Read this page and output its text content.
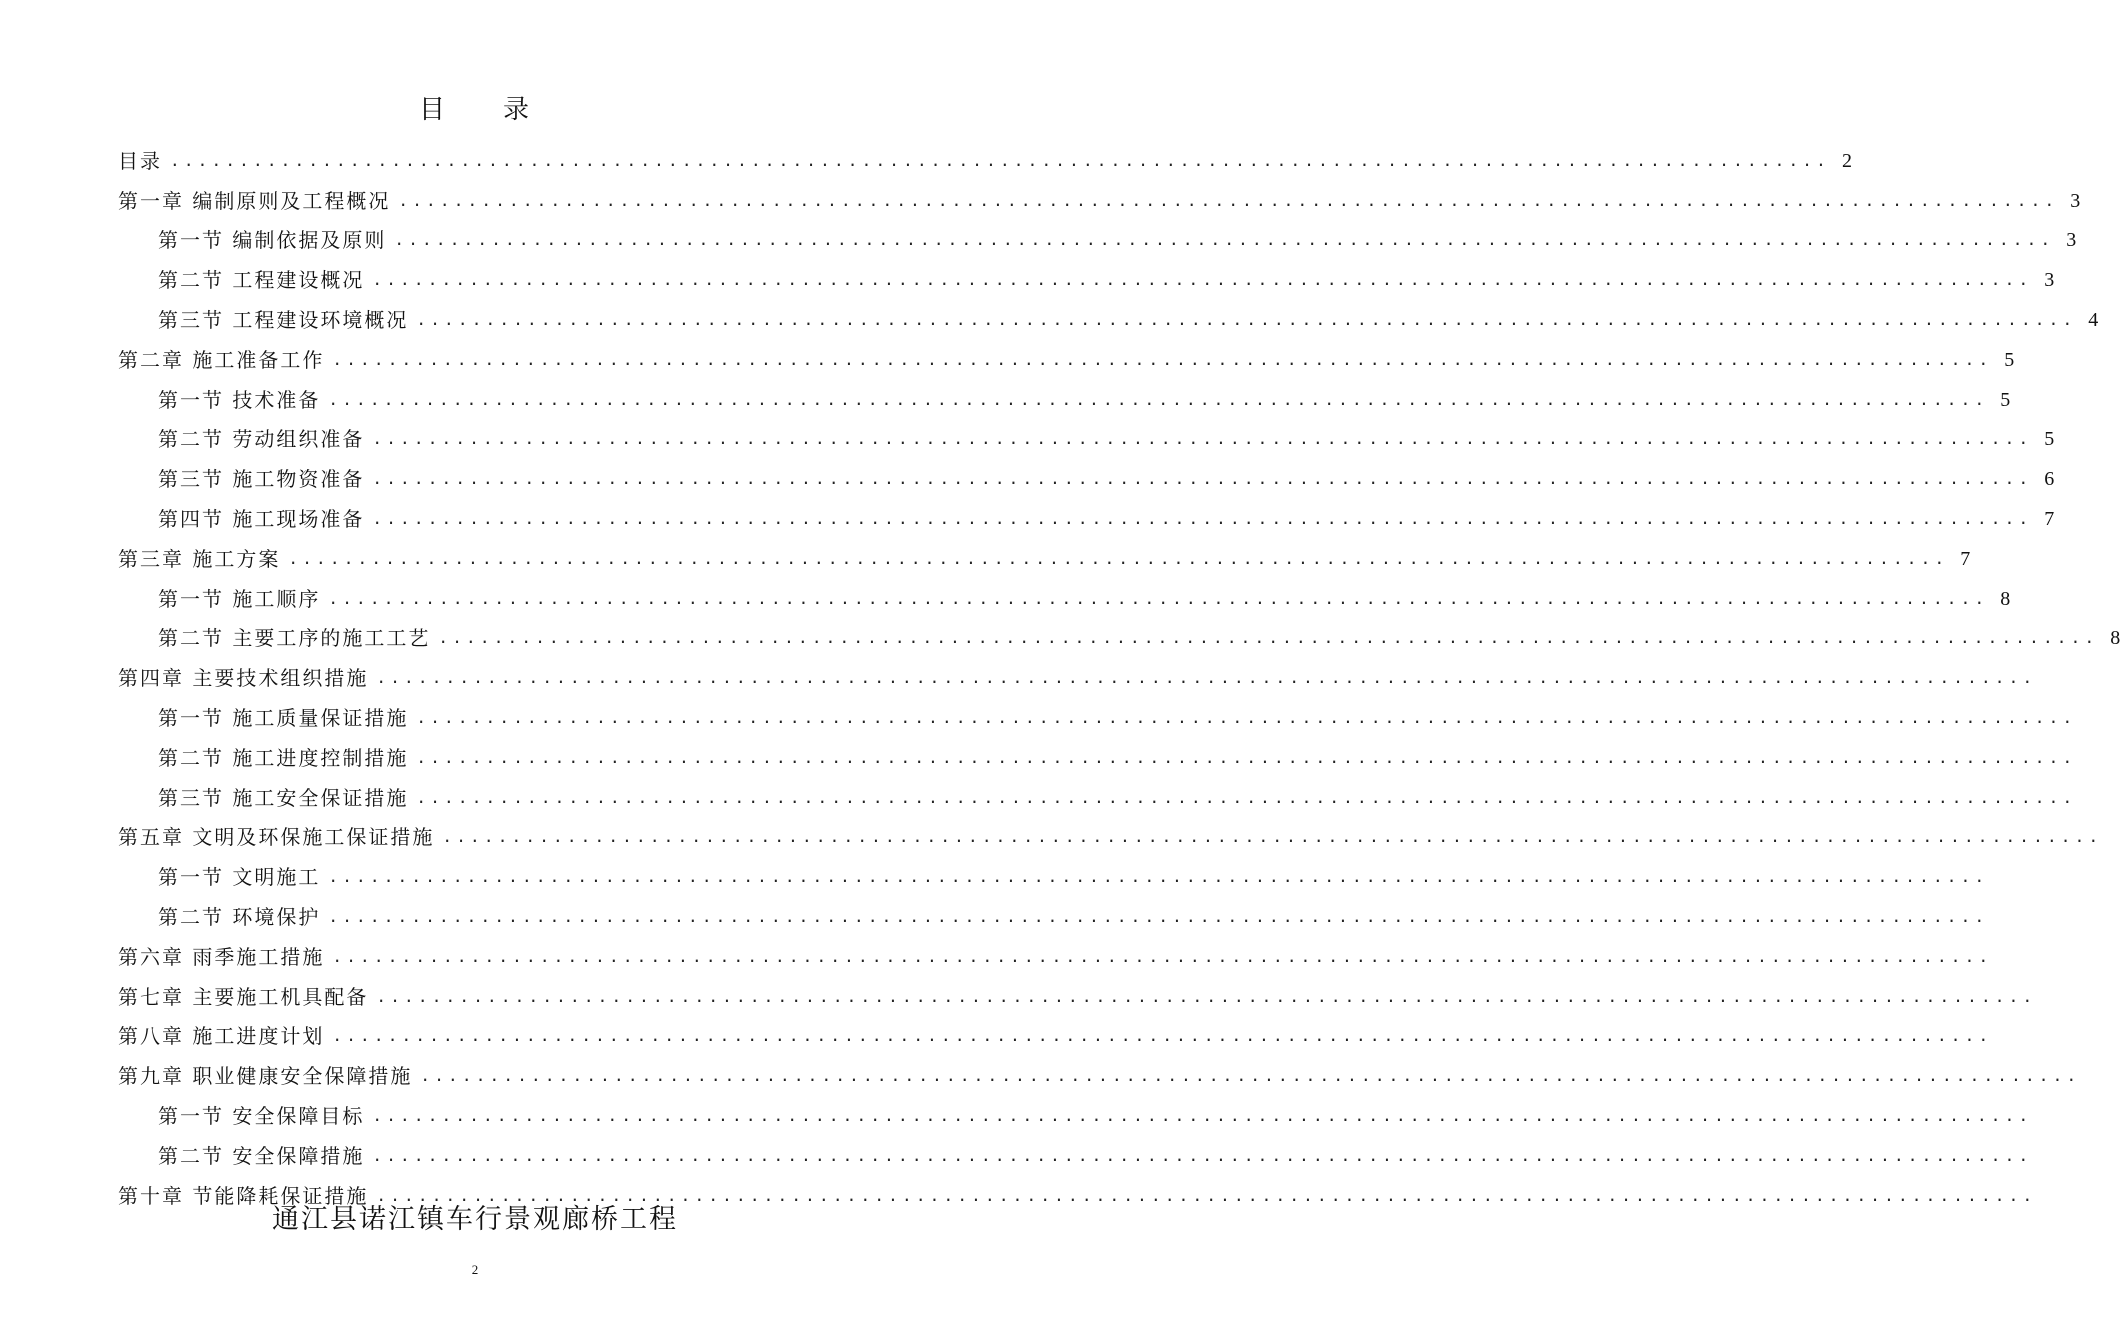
目　　录
目录 ........................................................................................................................ 2
第一章 编制原则及工程概况 ........................................................................................................................ 3
第一节 编制依据及原则 ........................................................................................................................ 3
第二节 工程建设概况 ........................................................................................................................ 3
第三节 工程建设环境概况 ........................................................................................................................ 4
第二章 施工准备工作 ........................................................................................................................ 5
第一节 技术准备 ........................................................................................................................ 5
第二节 劳动组织准备 ........................................................................................................................ 5
第三节 施工物资准备 ........................................................................................................................ 6
第四节 施工现场准备 ........................................................................................................................ 7
第三章 施工方案 ........................................................................................................................ 7
第一节 施工顺序 ........................................................................................................................ 8
第二节 主要工序的施工工艺 ........................................................................................................................ 8
第四章 主要技术组织措施 ........................................................................................................................
第一节 施工质量保证措施 ........................................................................................................................
第二节 施工进度控制措施 ........................................................................................................................
第三节 施工安全保证措施 ........................................................................................................................
第五章 文明及环保施工保证措施 ........................................................................................................................
第一节 文明施工 ........................................................................................................................
第二节 环境保护 ........................................................................................................................
第六章 雨季施工措施 ........................................................................................................................
第七章 主要施工机具配备 ........................................................................................................................
第八章 施工进度计划 ........................................................................................................................
第九章 职业健康安全保障措施 ........................................................................................................................
第一节 安全保障目标 ........................................................................................................................
第二节 安全保障措施 ........................................................................................................................
第十章 节能降耗保证措施 ........................................................................................................................
通江县诺江镇车行景观廊桥工程
2
